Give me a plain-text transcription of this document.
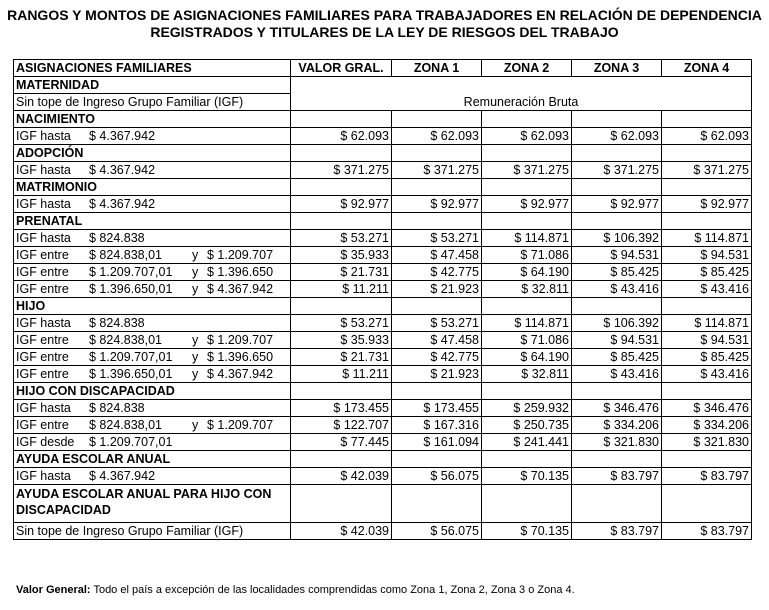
RANGOS Y MONTOS DE ASIGNACIONES FAMILIARES PARA TRABAJADORES EN RELACIÓN DE DEPENDENCIA
REGISTRADOS Y TITULARES DE LA LEY DE RIESGOS DEL TRABAJO
ASIGNACIONES FAMILIARES	VALOR GRAL.	ZONA 1	ZONA 2	ZONA 3	ZONA 4
MATERNIDAD	Remuneración Bruta				
Sin tope de Ingreso Grupo Familiar (IGF)					
NACIMIENTO					

IGF hasta $ 4.367.942	$ 62.093	$ 62.093	$ 62.093	$ 62.093	$ 62.093
ADOPCIÓN					

IGF hasta $ 4.367.942	$ 371.275	$ 371.275	$ 371.275	$ 371.275	$ 371.275
MATRIMONIO					

IGF hasta $ 4.367.942	$ 92.977	$ 92.977	$ 92.977	$ 92.977	$ 92.977
PRENATAL					

IGF hasta $ 824.838	$ 53.271	$ 53.271	$ 114.871	$ 106.392	$ 114.871

IGF entre $ 824.838,01 y $ 1.209.707	$ 35.933	$ 47.458	$ 71.086	$ 94.531	$ 94.531

IGF entre $ 1.209.707,01 y $ 1.396.650	$ 21.731	$ 42.775	$ 64.190	$ 85.425	$ 85.425

IGF entre $ 1.396.650,01 y $ 4.367.942	$ 11.211	$ 21.923	$ 32.811	$ 43.416	$ 43.416
HIJO					

IGF hasta $ 824.838	$ 53.271	$ 53.271	$ 114.871	$ 106.392	$ 114.871

IGF entre $ 824.838,01 y $ 1.209.707	$ 35.933	$ 47.458	$ 71.086	$ 94.531	$ 94.531

IGF entre $ 1.209.707,01 y $ 1.396.650	$ 21.731	$ 42.775	$ 64.190	$ 85.425	$ 85.425

IGF entre $ 1.396.650,01 y $ 4.367.942	$ 11.211	$ 21.923	$ 32.811	$ 43.416	$ 43.416
HIJO CON DISCAPACIDAD					

IGF hasta $ 824.838	$ 173.455	$ 173.455	$ 259.932	$ 346.476	$ 346.476

IGF entre $ 824.838,01 y $ 1.209.707	$ 122.707	$ 167.316	$ 250.735	$ 334.206	$ 334.206

IGF desde $ 1.209.707,01	$ 77.445	$ 161.094	$ 241.441	$ 321.830	$ 321.830
AYUDA ESCOLAR ANUAL					

IGF hasta $ 4.367.942	$ 42.039	$ 56.075	$ 70.135	$ 83.797	$ 83.797
AYUDA ESCOLAR ANUAL PARA HIJO CON DISCAPACIDAD					
Sin tope de Ingreso Grupo Familiar (IGF)	$ 42.039	$ 56.075	$ 70.135	$ 83.797	$ 83.797
Valor General: Todo el país a excepción de las localidades comprendidas como Zona 1, Zona 2, Zona 3 o Zona 4.
